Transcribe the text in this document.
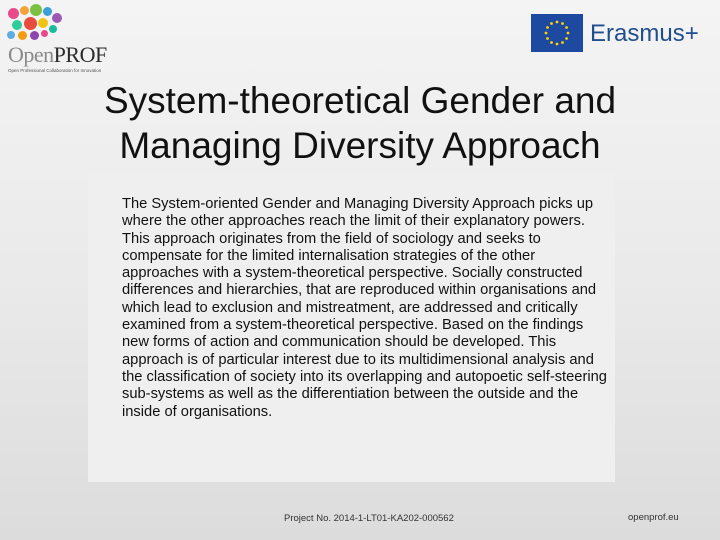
OpenPROF
Open Professional Collaboration for Innovation
Erasmus+
System-theoretical Gender and
Managing Diversity Approach

The System-oriented Gender and Managing Diversity Approach picks up where the other approaches reach the limit of their explanatory powers. This approach originates from the field of sociology and seeks to compensate for the limited internalisation strategies of the other approaches with a system-theoretical perspective. Socially constructed differences and hierarchies, that are reproduced within organisations and which lead to exclusion and mistreatment, are addressed and critically examined from a system-theoretical perspective. Based on the findings new forms of action and communication should be developed. This approach is of particular interest due to its multidimensional analysis and the classification of society into its overlapping and autopoetic self-steering sub-systems as well as the differentiation between the outside and the inside of organisations.

Project No. 2014-1-LT01-KA202-000562	openprof.eu
